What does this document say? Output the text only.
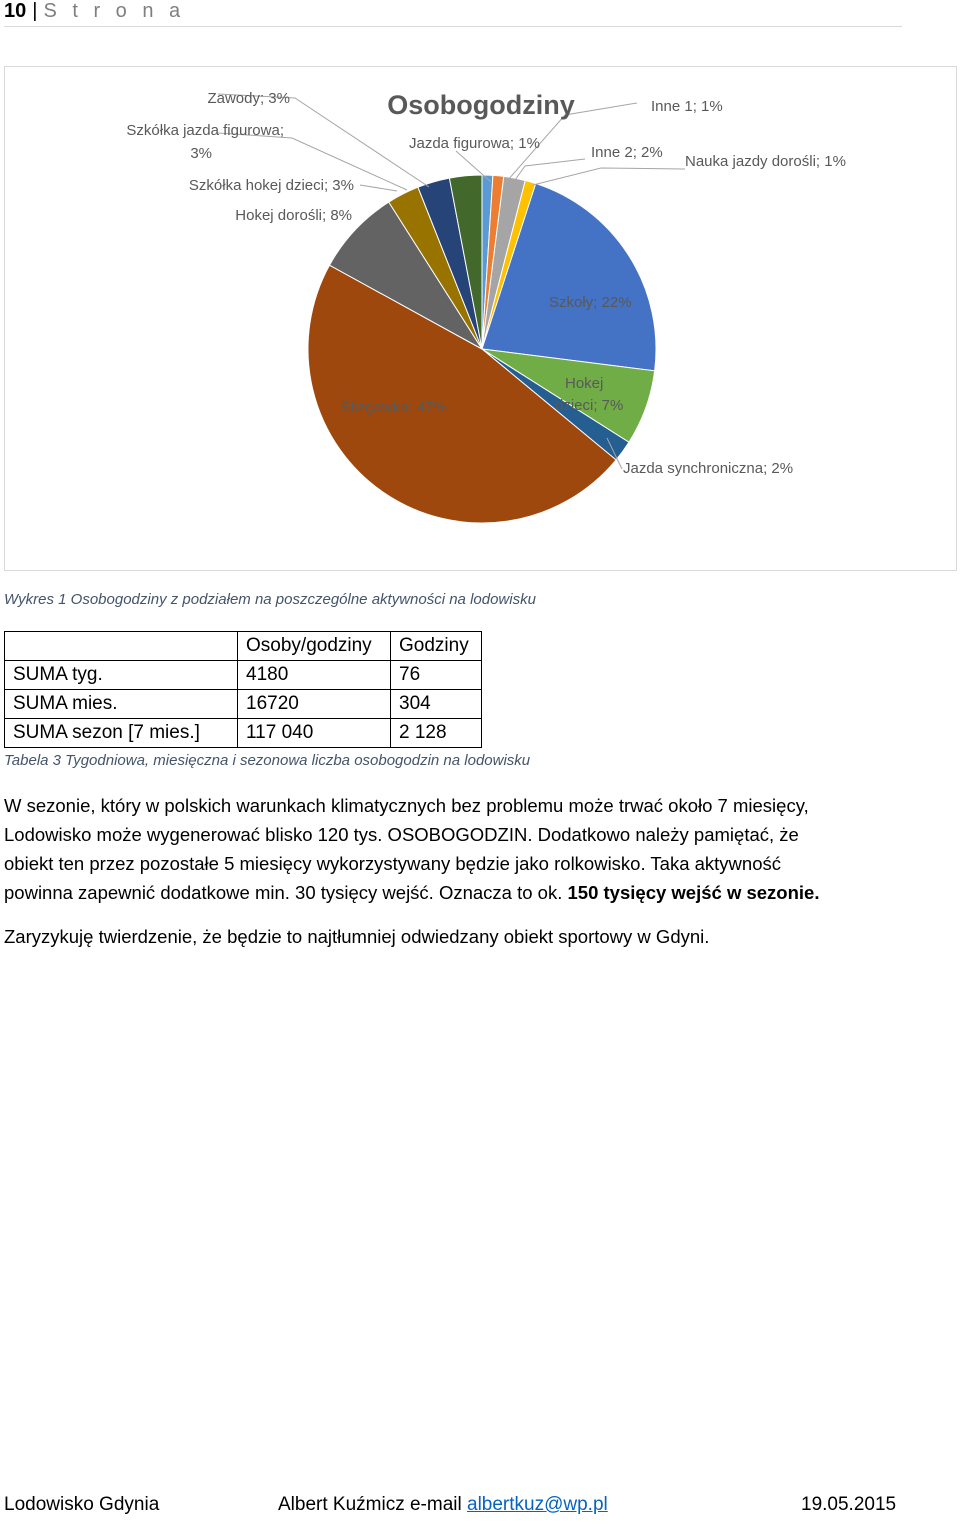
10 | S t r o n a
Osobogodziny
Zawody; 3%
Szkółka jazda figurowa;
3%
Szkółka hokej dzieci; 3%
Hokej dorośli; 8%
Jazda figurowa; 1%
Inne 1; 1%
Inne 2; 2%
Nauka jazdy dorośli; 1%
Szkoły; 22%
Hokej
dzieci; 7%
Ślizgawka; 47%
Jazda synchroniczna; 2%
Wykres 1 Osobogodziny z podziałem na poszczególne aktywności na lodowisku
	Osoby/godziny	Godziny
SUMA tyg.	4180	76
SUMA mies.	16720	304
SUMA sezon [7 mies.]	117 040	2 128
Tabela 3 Tygodniowa, miesięczna i sezonowa liczba osobogodzin na lodowisku
W sezonie, który w polskich warunkach klimatycznych bez problemu może trwać około 7 miesięcy,
Lodowisko może wygenerować blisko 120 tys. OSOBOGODZIN. Dodatkowo należy pamiętać, że
obiekt ten przez pozostałe 5 miesięcy wykorzystywany będzie jako rolkowisko. Taka aktywność
powinna zapewnić dodatkowe min. 30 tysięcy wejść. Oznacza to ok. 150 tysięcy wejść w sezonie.
Zaryzykuję twierdzenie, że będzie to najtłumniej odwiedzany obiekt sportowy w Gdyni.
Lodowisko Gdynia	Albert Kuźmicz e-mail albertkuz@wp.pl	19.05.2015
